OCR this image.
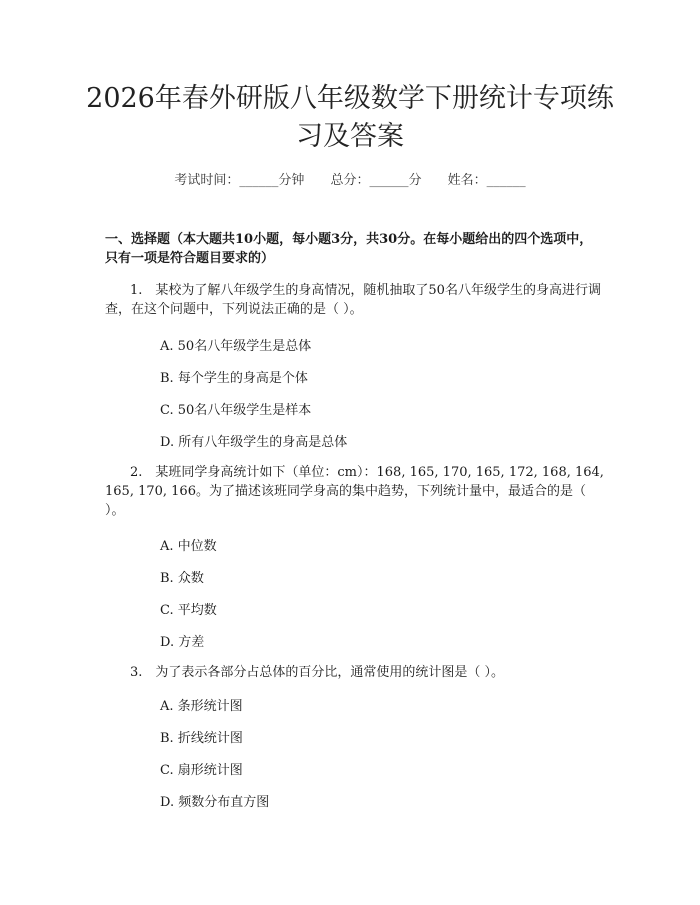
2026年春外研版八年级数学下册统计专项练
习及答案
考试时间：______分钟 总分：______分 姓名：______
一、选择题（本大题共10小题，每小题3分，共30分。在每小题给出的四个选项中，只有一项是符合题目要求的）
1.　某校为了解八年级学生的身高情况，随机抽取了50名八年级学生的身高进行调查，在这个问题中，下列说法正确的是（ ）。
A. 50名八年级学生是总体
B. 每个学生的身高是个体
C. 50名八年级学生是样本
D. 所有八年级学生的身高是总体
2.　某班同学身高统计如下（单位：cm）：168, 165, 170, 165, 172, 168, 164, 165, 170, 166。为了描述该班同学身高的集中趋势，下列统计量中，最适合的是（ ）。
A. 中位数
B. 众数
C. 平均数
D. 方差
3.　为了表示各部分占总体的百分比，通常使用的统计图是（ ）。
A. 条形统计图
B. 折线统计图
C. 扇形统计图
D. 频数分布直方图
